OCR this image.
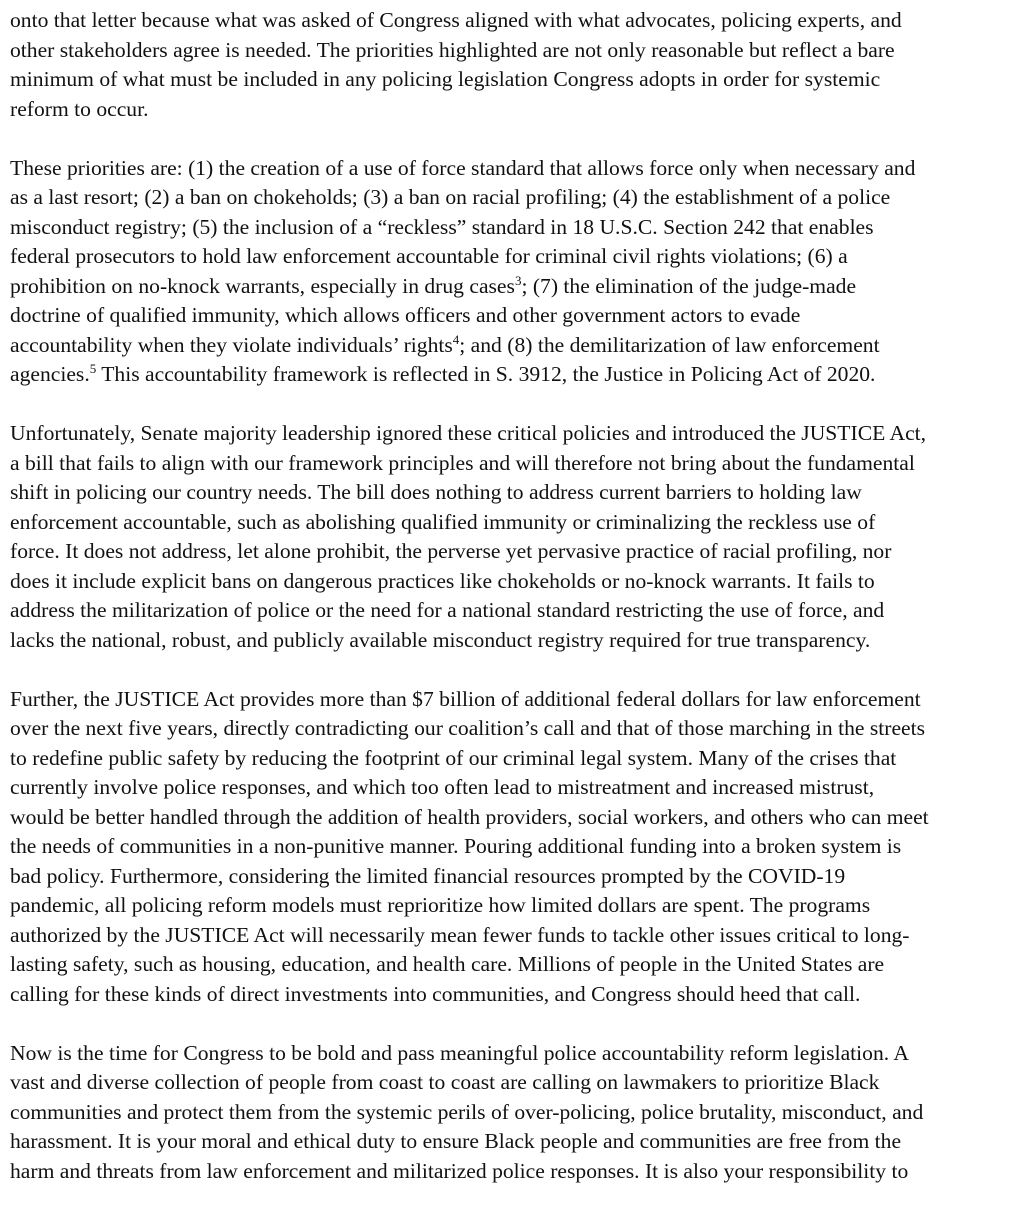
onto that letter because what was asked of Congress aligned with what advocates, policing experts, and
other stakeholders agree is needed. The priorities highlighted are not only reasonable but reflect a bare
minimum of what must be included in any policing legislation Congress adopts in order for systemic
reform to occur.

These priorities are: (1) the creation of a use of force standard that allows force only when necessary and
as a last resort; (2) a ban on chokeholds; (3) a ban on racial profiling; (4) the establishment of a police
misconduct registry; (5) the inclusion of a “reckless” standard in 18 U.S.C. Section 242 that enables
federal prosecutors to hold law enforcement accountable for criminal civil rights violations; (6) a
prohibition on no-knock warrants, especially in drug cases$^3$; (7) the elimination of the judge-made
doctrine of qualified immunity, which allows officers and other government actors to evade
accountability when they violate individuals’ rights$^4$; and (8) the demilitarization of law enforcement
agencies.$^5$ This accountability framework is reflected in S. 3912, the Justice in Policing Act of 2020.

Unfortunately, Senate majority leadership ignored these critical policies and introduced the JUSTICE Act,
a bill that fails to align with our framework principles and will therefore not bring about the fundamental
shift in policing our country needs. The bill does nothing to address current barriers to holding law
enforcement accountable, such as abolishing qualified immunity or criminalizing the reckless use of
force. It does not address, let alone prohibit, the perverse yet pervasive practice of racial profiling, nor
does it include explicit bans on dangerous practices like chokeholds or no-knock warrants. It fails to
address the militarization of police or the need for a national standard restricting the use of force, and
lacks the national, robust, and publicly available misconduct registry required for true transparency.

Further, the JUSTICE Act provides more than $7 billion of additional federal dollars for law enforcement
over the next five years, directly contradicting our coalition’s call and that of those marching in the streets
to redefine public safety by reducing the footprint of our criminal legal system. Many of the crises that
currently involve police responses, and which too often lead to mistreatment and increased mistrust,
would be better handled through the addition of health providers, social workers, and others who can meet
the needs of communities in a non-punitive manner. Pouring additional funding into a broken system is
bad policy. Furthermore, considering the limited financial resources prompted by the COVID-19
pandemic, all policing reform models must reprioritize how limited dollars are spent. The programs
authorized by the JUSTICE Act will necessarily mean fewer funds to tackle other issues critical to long-
lasting safety, such as housing, education, and health care. Millions of people in the United States are
calling for these kinds of direct investments into communities, and Congress should heed that call.

Now is the time for Congress to be bold and pass meaningful police accountability reform legislation. A
vast and diverse collection of people from coast to coast are calling on lawmakers to prioritize Black
communities and protect them from the systemic perils of over-policing, police brutality, misconduct, and
harassment. It is your moral and ethical duty to ensure Black people and communities are free from the
harm and threats from law enforcement and militarized police responses. It is also your responsibility to
